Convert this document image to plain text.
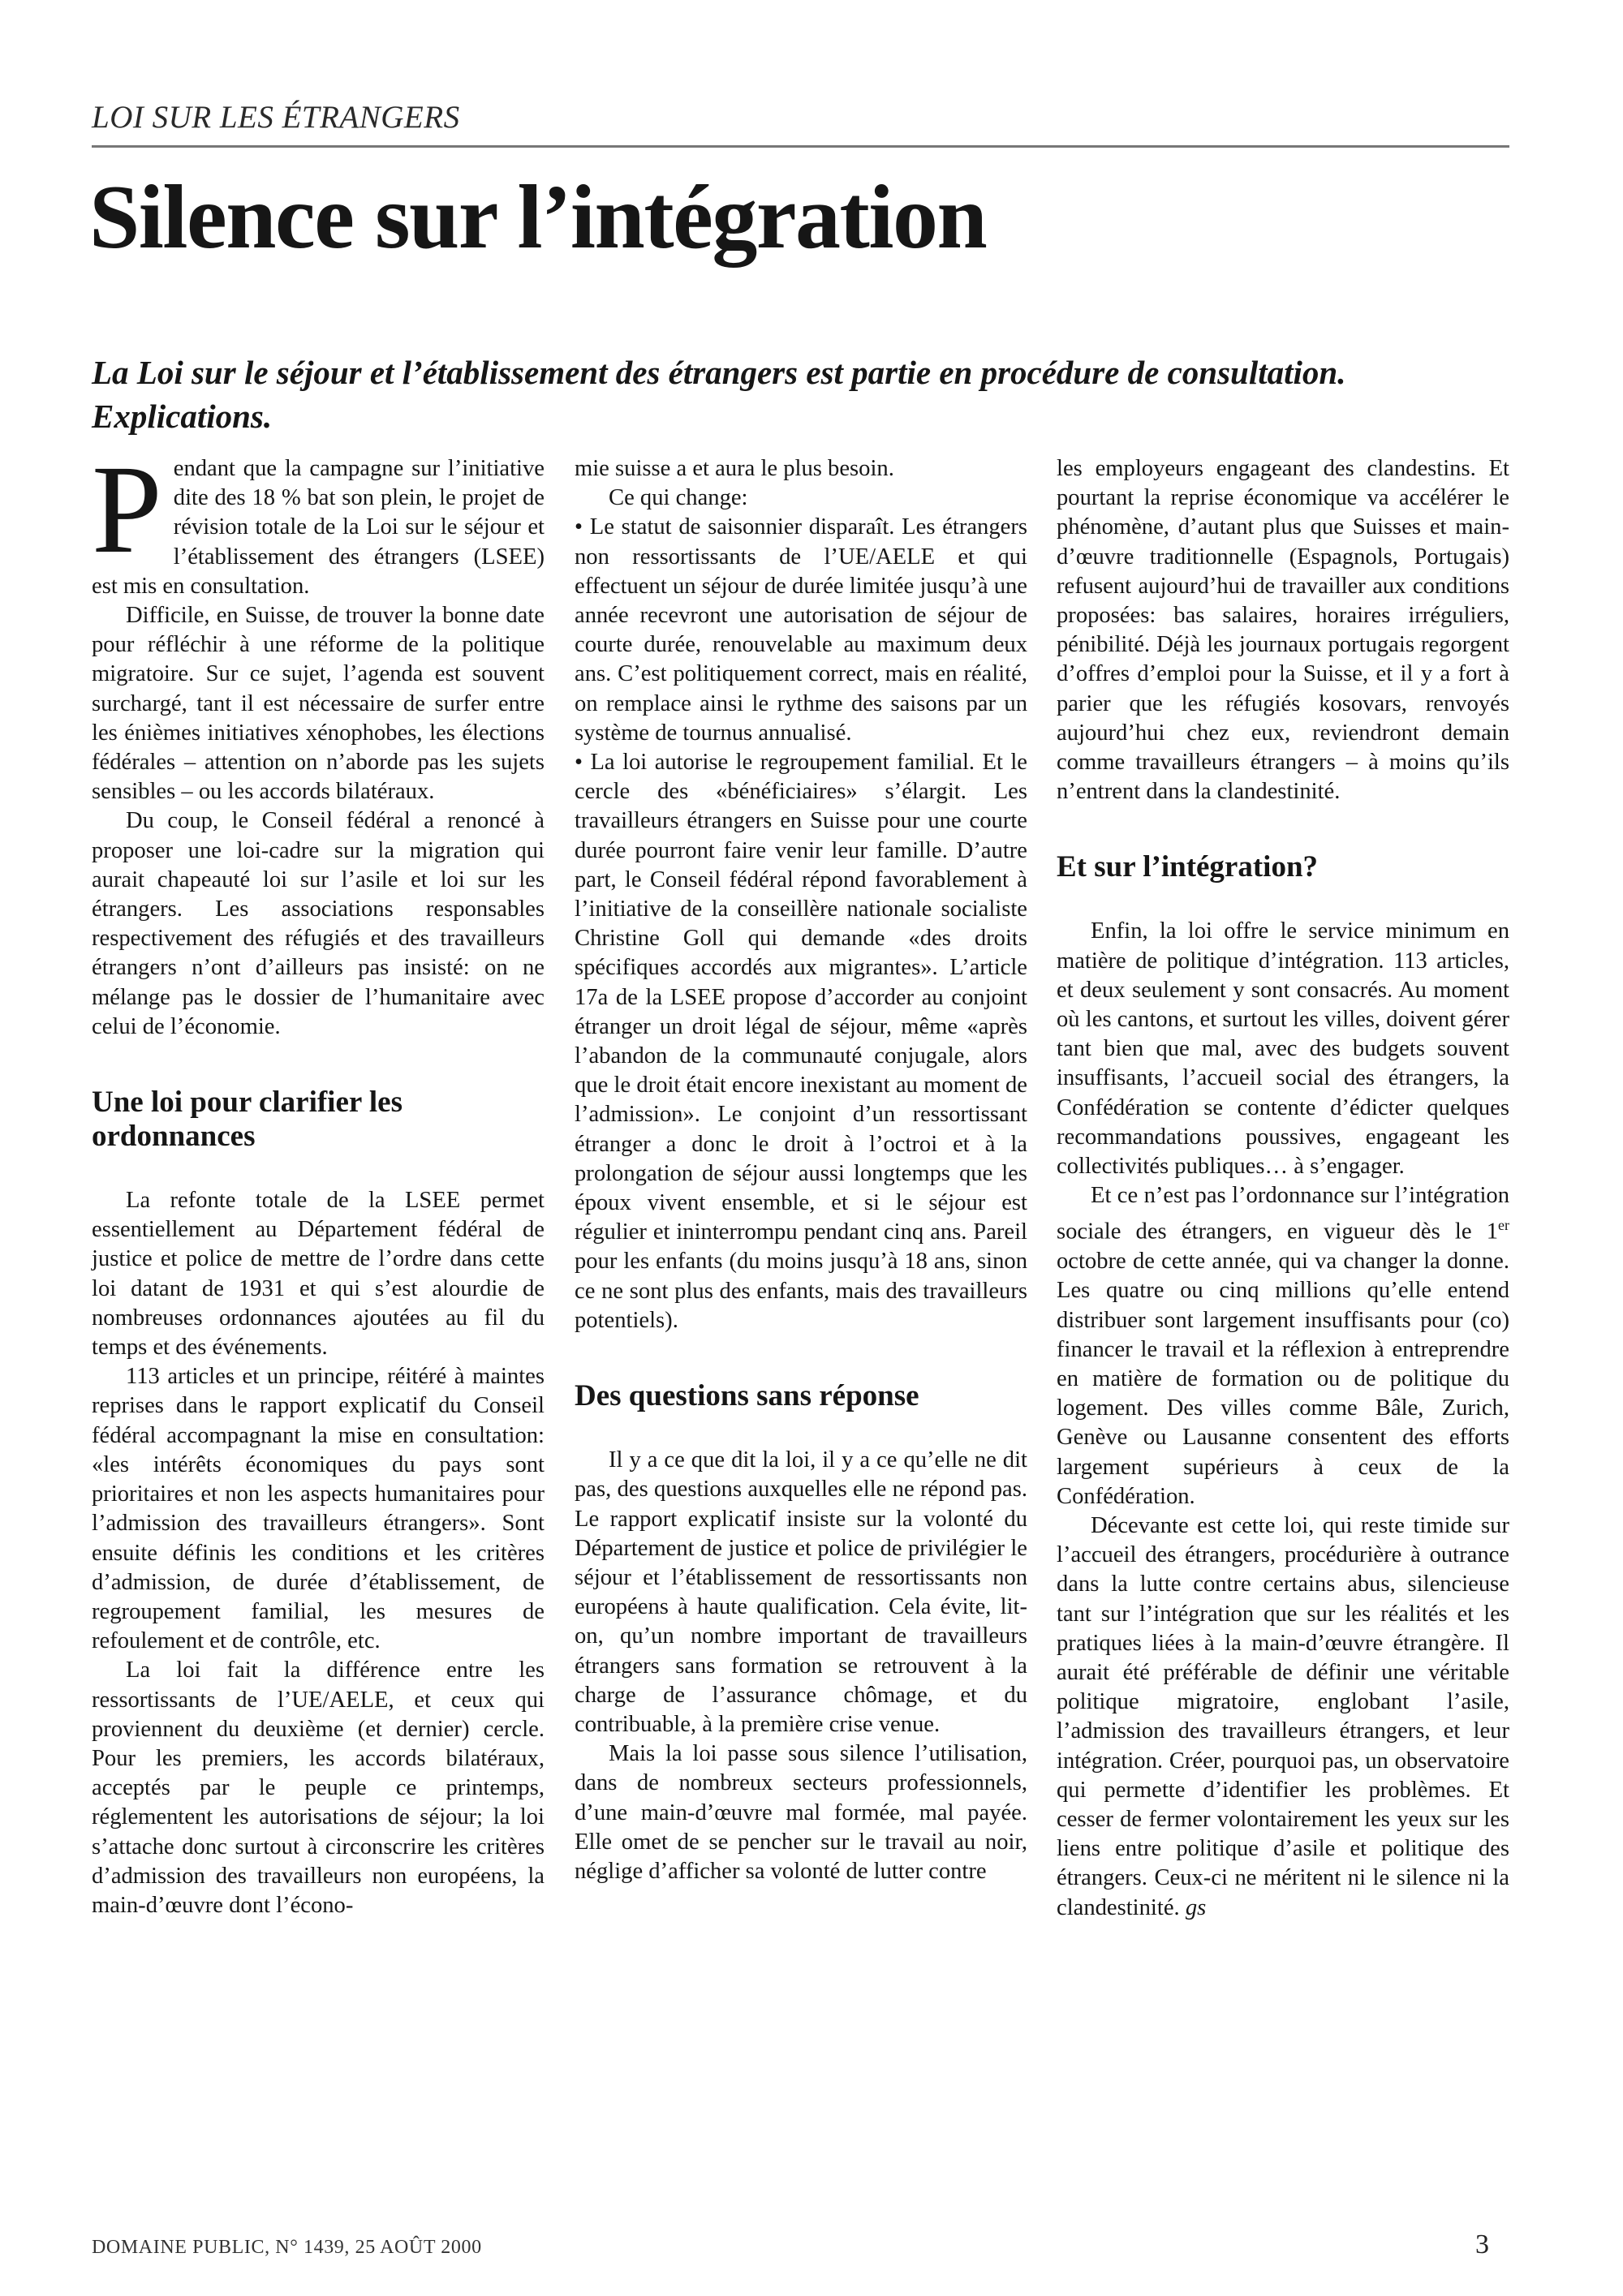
LOI SUR LES ÉTRANGERS
Silence sur l’intégration
La Loi sur le séjour et l’établissement des étrangers est partie en procédure de consultation. Explications.

Pendant que la campagne sur l’initiative dite des 18 % bat son plein, le projet de révision totale de la Loi sur le séjour et l’établissement des étrangers (LSEE) est mis en consultation.

Difficile, en Suisse, de trouver la bonne date pour réfléchir à une réforme de la politique migratoire. Sur ce sujet, l’agenda est souvent surchargé, tant il est nécessaire de surfer entre les énièmes initiatives xénophobes, les élections fédérales – attention on n’aborde pas les sujets sensibles – ou les accords bilatéraux.

Du coup, le Conseil fédéral a renoncé à proposer une loi-cadre sur la migration qui aurait chapeauté loi sur l’asile et loi sur les étrangers. Les associations responsables respectivement des réfugiés et des travailleurs étrangers n’ont d’ailleurs pas insisté: on ne mélange pas le dossier de l’humanitaire avec celui de l’économie.

Une loi pour clarifier les ordonnances

La refonte totale de la LSEE permet essentiellement au Département fédéral de justice et police de mettre de l’ordre dans cette loi datant de 1931 et qui s’est alourdie de nombreuses ordonnances ajoutées au fil du temps et des événements.

113 articles et un principe, réitéré à maintes reprises dans le rapport explicatif du Conseil fédéral accompagnant la mise en consultation: «les intérêts économiques du pays sont prioritaires et non les aspects humanitaires pour l’admission des travailleurs étrangers». Sont ensuite définis les conditions et les critères d’admission, de durée d’établissement, de regroupement familial, les mesures de refoulement et de contrôle, etc.

La loi fait la différence entre les ressortissants de l’UE/AELE, et ceux qui proviennent du deuxième (et dernier) cercle. Pour les premiers, les accords bilatéraux, acceptés par le peuple ce printemps, réglementent les autorisations de séjour; la loi s’attache donc surtout à circonscrire les critères d’admission des travailleurs non européens, la main-d’œuvre dont l’écono-

mie suisse a et aura le plus besoin.

Ce qui change:

• Le statut de saisonnier disparaît. Les étrangers non ressortissants de l’UE/AELE et qui effectuent un séjour de durée limitée jusqu’à une année recevront une autorisation de séjour de courte durée, renouvelable au maximum deux ans. C’est politiquement correct, mais en réalité, on remplace ainsi le rythme des saisons par un système de tournus annualisé.

• La loi autorise le regroupement familial. Et le cercle des «bénéficiaires» s’élargit. Les travailleurs étrangers en Suisse pour une courte durée pourront faire venir leur famille. D’autre part, le Conseil fédéral répond favorablement à l’initiative de la conseillère nationale socialiste Christine Goll qui demande «des droits spécifiques accordés aux migrantes». L’article 17a de la LSEE propose d’accorder au conjoint étranger un droit légal de séjour, même «après l’abandon de la communauté conjugale, alors que le droit était encore inexistant au moment de l’admission». Le conjoint d’un ressortissant étranger a donc le droit à l’octroi et à la prolongation de séjour aussi longtemps que les époux vivent ensemble, et si le séjour est régulier et ininterrompu pendant cinq ans. Pareil pour les enfants (du moins jusqu’à 18 ans, sinon ce ne sont plus des enfants, mais des travailleurs potentiels).

Des questions sans réponse

Il y a ce que dit la loi, il y a ce qu’elle ne dit pas, des questions auxquelles elle ne répond pas. Le rapport explicatif insiste sur la volonté du Département de justice et police de privilégier le séjour et l’établissement de ressortissants non européens à haute qualification. Cela évite, lit-on, qu’un nombre important de travailleurs étrangers sans formation se retrouvent à la charge de l’assurance chômage, et du contribuable, à la première crise venue.

Mais la loi passe sous silence l’utilisation, dans de nombreux secteurs professionnels, d’une main-d’œuvre mal formée, mal payée. Elle omet de se pencher sur le travail au noir, néglige d’afficher sa volonté de lutter contre

les employeurs engageant des clandestins. Et pourtant la reprise économique va accélérer le phénomène, d’autant plus que Suisses et main-d’œuvre traditionnelle (Espagnols, Portugais) refusent aujourd’hui de travailler aux conditions proposées: bas salaires, horaires irréguliers, pénibilité. Déjà les journaux portugais regorgent d’offres d’emploi pour la Suisse, et il y a fort à parier que les réfugiés kosovars, renvoyés aujourd’hui chez eux, reviendront demain comme travailleurs étrangers – à moins qu’ils n’entrent dans la clandestinité.

Et sur l’intégration?

Enfin, la loi offre le service minimum en matière de politique d’intégration. 113 articles, et deux seulement y sont consacrés. Au moment où les cantons, et surtout les villes, doivent gérer tant bien que mal, avec des budgets souvent insuffisants, l’accueil social des étrangers, la Confédération se contente d’édicter quelques recommandations poussives, engageant les collectivités publiques… à s’engager.

Et ce n’est pas l’ordonnance sur l’intégration sociale des étrangers, en vigueur dès le 1er octobre de cette année, qui va changer la donne. Les quatre ou cinq millions qu’elle entend distribuer sont largement insuffisants pour (co) financer le travail et la réflexion à entreprendre en matière de formation ou de politique du logement. Des villes comme Bâle, Zurich, Genève ou Lausanne consentent des efforts largement supérieurs à ceux de la Confédération.

Décevante est cette loi, qui reste timide sur l’accueil des étrangers, procédurière à outrance dans la lutte contre certains abus, silencieuse tant sur l’intégration que sur les réalités et les pratiques liées à la main-d’œuvre étrangère. Il aurait été préférable de définir une véritable politique migratoire, englobant l’asile, l’admission des travailleurs étrangers, et leur intégration. Créer, pourquoi pas, un observatoire qui permette d’identifier les problèmes. Et cesser de fermer volontairement les yeux sur les liens entre politique d’asile et politique des étrangers. Ceux-ci ne méritent ni le silence ni la clandestinité. gs

DOMAINE PUBLIC, N° 1439, 25 AOÛT 2000	3
